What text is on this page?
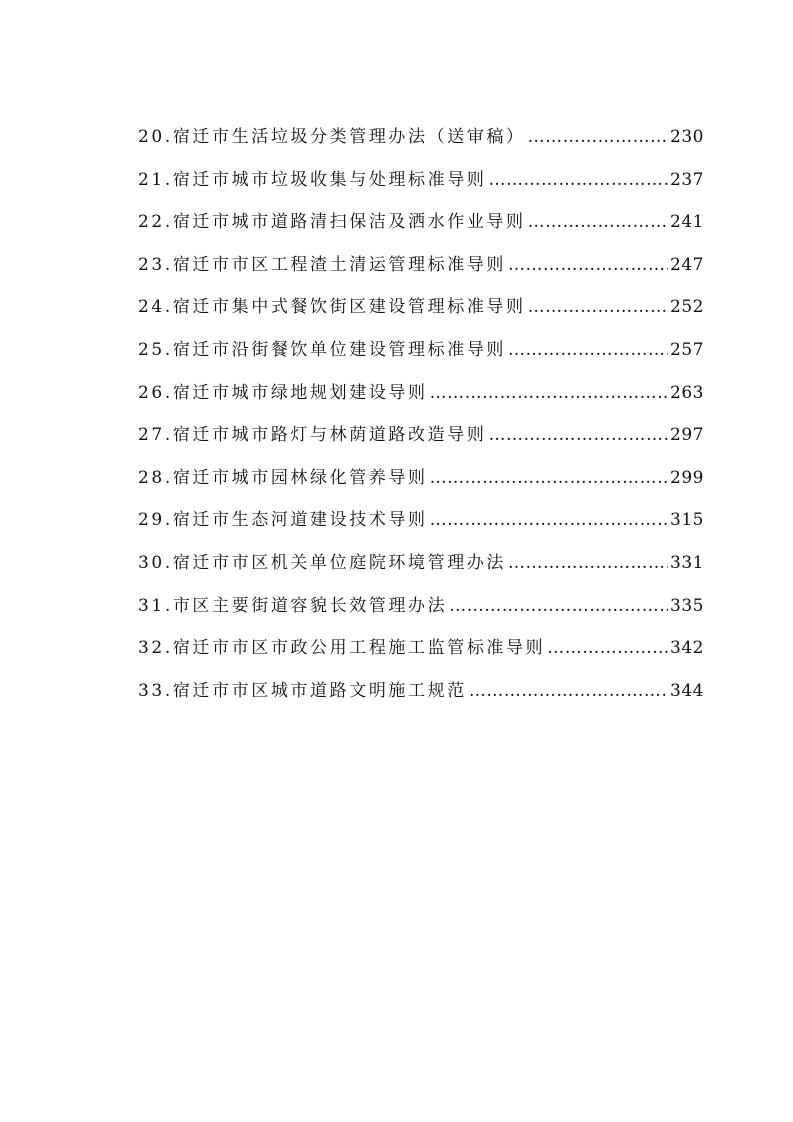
20.宿迁市生活垃圾分类管理办法（送审稿） ……………………………………………………………………………………………………	230
21.宿迁市城市垃圾收集与处理标准导则 ……………………………………………………………………………………………………	237
22.宿迁市城市道路清扫保洁及洒水作业导则 ……………………………………………………………………………………………………	241
23.宿迁市市区工程渣土清运管理标准导则 ……………………………………………………………………………………………………	247
24.宿迁市集中式餐饮街区建设管理标准导则 ……………………………………………………………………………………………………	252
25.宿迁市沿街餐饮单位建设管理标准导则 ……………………………………………………………………………………………………	257
26.宿迁市城市绿地规划建设导则 ……………………………………………………………………………………………………	263
27.宿迁市城市路灯与林荫道路改造导则 ……………………………………………………………………………………………………	297
28.宿迁市城市园林绿化管养导则 ……………………………………………………………………………………………………	299
29.宿迁市生态河道建设技术导则 ……………………………………………………………………………………………………	315
30.宿迁市市区机关单位庭院环境管理办法 ……………………………………………………………………………………………………	331
31.市区主要街道容貌长效管理办法 ……………………………………………………………………………………………………	335
32.宿迁市市区市政公用工程施工监管标准导则 ……………………………………………………………………………………………………	342
33.宿迁市市区城市道路文明施工规范 ……………………………………………………………………………………………………	344
